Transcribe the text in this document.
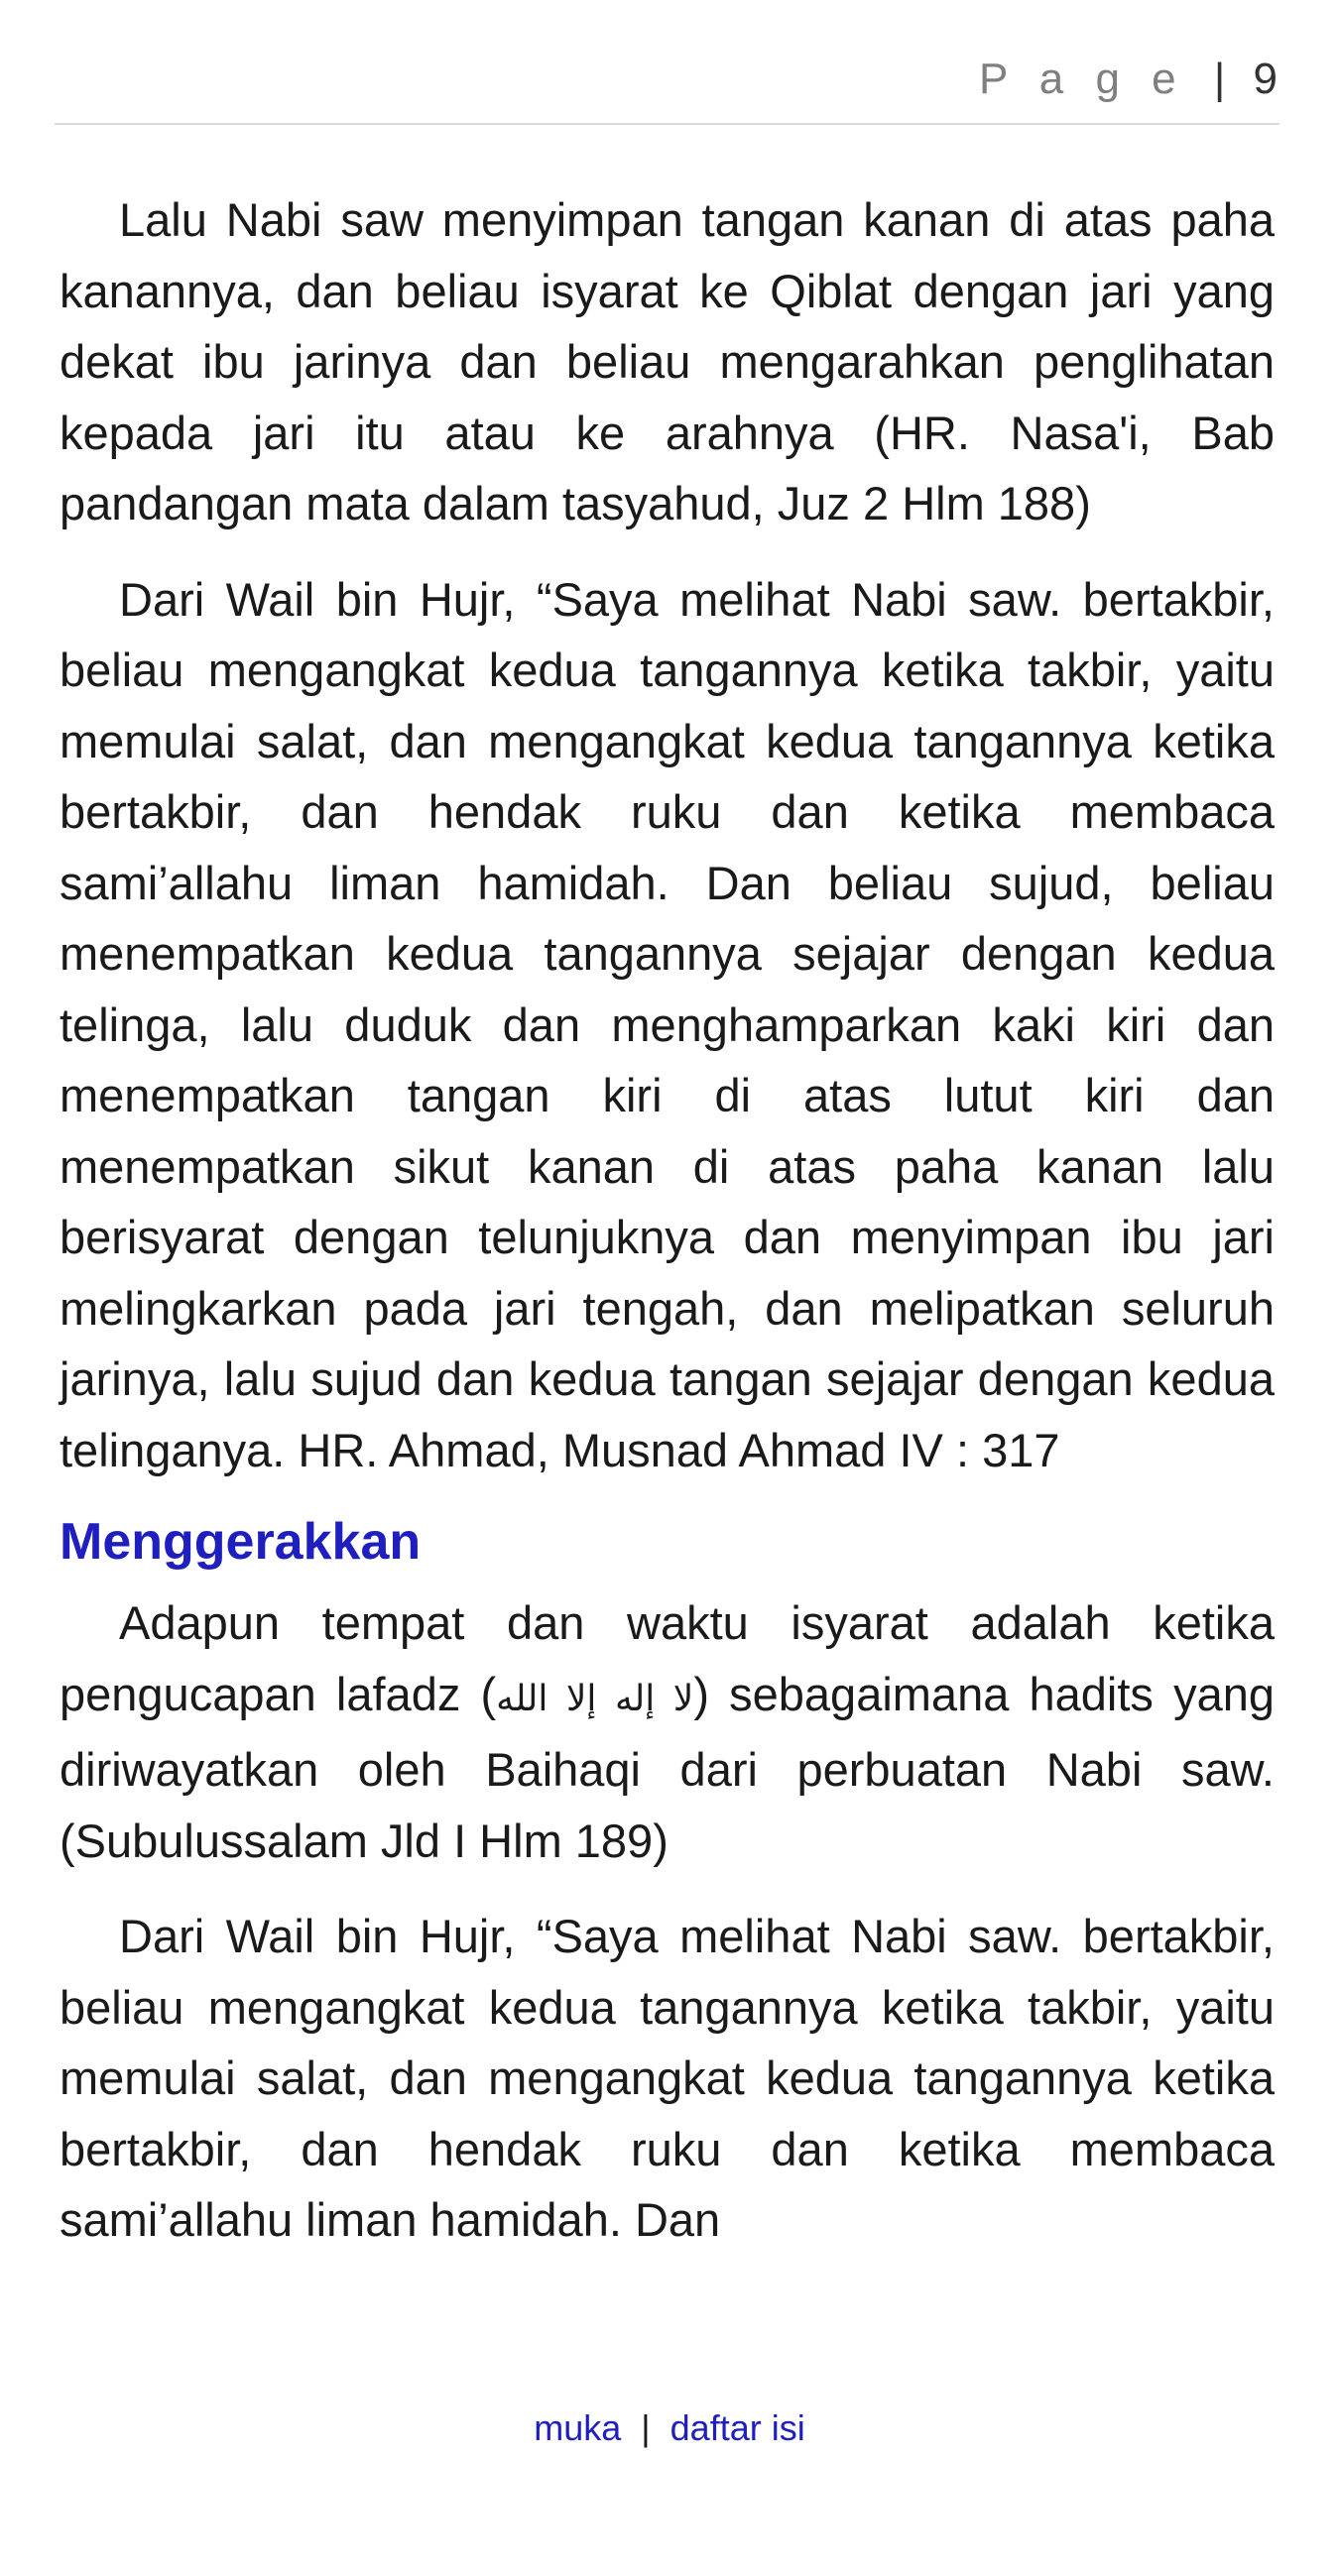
P a g e | 9

Lalu Nabi saw menyimpan tangan kanan di atas paha kanannya, dan beliau isyarat ke Qiblat dengan jari yang dekat ibu jarinya dan beliau mengarahkan penglihatan kepada jari itu atau ke arahnya (HR. Nasa'i, Bab pandangan mata dalam tasyahud, Juz 2 Hlm 188)

Dari Wail bin Hujr, “Saya melihat Nabi saw. bertakbir, beliau mengangkat kedua tangannya ketika takbir, yaitu memulai salat, dan mengangkat kedua tangannya ketika bertakbir, dan hendak ruku dan ketika membaca sami’allahu liman hamidah. Dan beliau sujud, beliau menempatkan kedua tangannya sejajar dengan kedua telinga, lalu duduk dan menghamparkan kaki kiri dan menempatkan tangan kiri di atas lutut kiri dan menempatkan sikut kanan di atas paha kanan lalu berisyarat dengan telunjuknya dan menyimpan ibu jari melingkarkan pada jari tengah, dan melipatkan seluruh jarinya, lalu sujud dan kedua tangan sejajar dengan kedua telinganya. HR. Ahmad, Musnad Ahmad IV : 317

Menggerakkan

Adapun tempat dan waktu isyarat adalah ketika pengucapan lafadz (لا إله إلا الله) sebagaimana hadits yang diriwayatkan oleh Baihaqi dari perbuatan Nabi saw. (Subulussalam Jld I Hlm 189)

Dari Wail bin Hujr, “Saya melihat Nabi saw. bertakbir, beliau mengangkat kedua tangannya ketika takbir, yaitu memulai salat, dan mengangkat kedua tangannya ketika bertakbir, dan hendak ruku dan ketika membaca sami’allahu liman hamidah. Dan

muka | daftar isi
